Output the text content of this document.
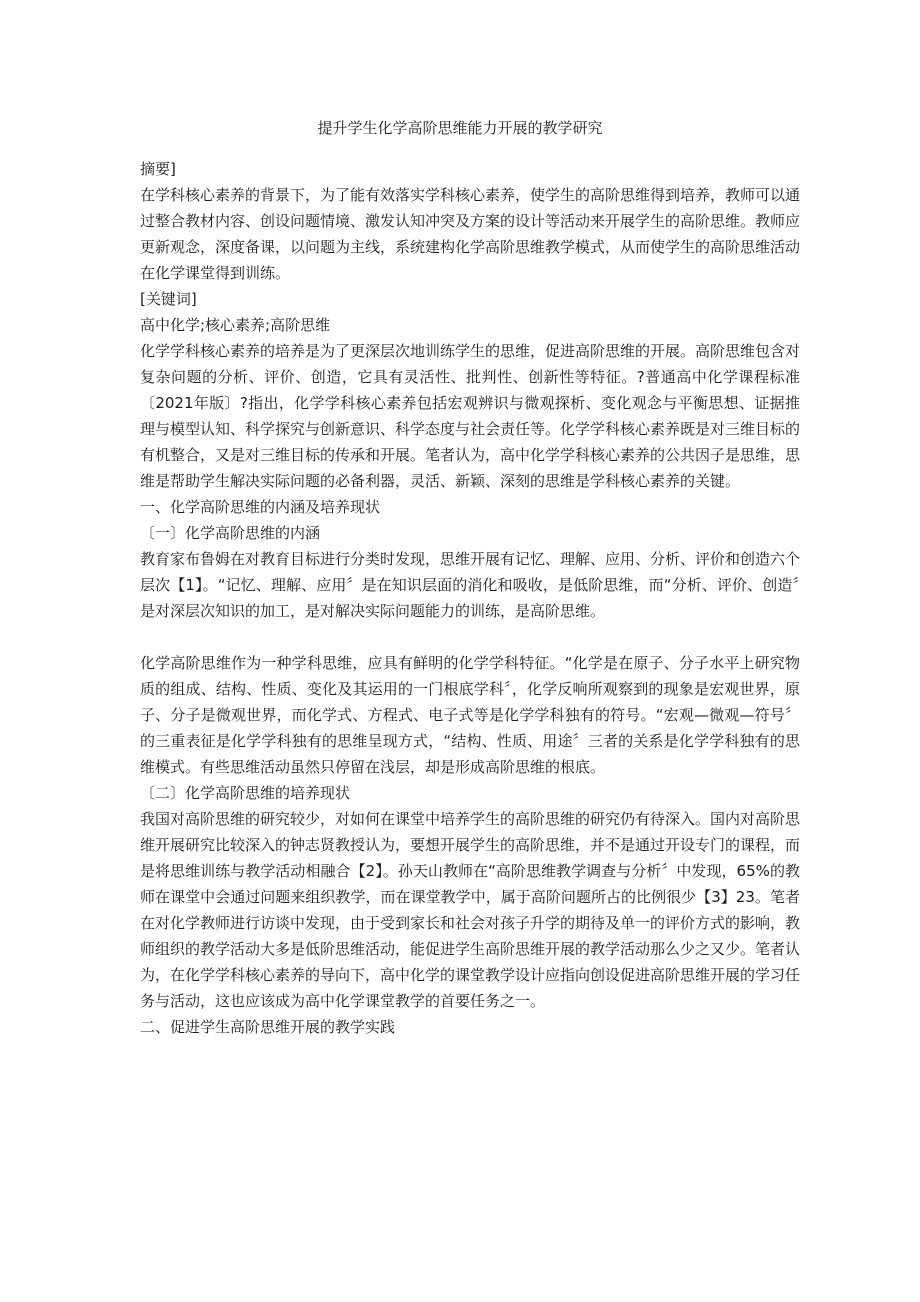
提升学生化学高阶思维能力开展的教学研究

摘要]

在学科核心素养的背景下，为了能有效落实学科核心素养，使学生的高阶思维得到培养，教师可以通过整合教材内容、创设问题情境、激发认知冲突及方案的设计等活动来开展学生的高阶思维。教师应更新观念，深度备课，以问题为主线，系统建构化学高阶思维教学模式，从而使学生的高阶思维活动在化学课堂得到训练。

[关键词]

高中化学;核心素养;高阶思维

化学学科核心素养的培养是为了更深层次地训练学生的思维，促进高阶思维的开展。高阶思维包含对复杂问题的分析、评价、创造，它具有灵活性、批判性、创新性等特征。?普通高中化学课程标准〔2021年版〕?指出，化学学科核心素养包括宏观辨识与微观探析、变化观念与平衡思想、证据推理与模型认知、科学探究与创新意识、科学态度与社会责任等。化学学科核心素养既是对三维目标的有机整合，又是对三维目标的传承和开展。笔者认为，高中化学学科核心素养的公共因子是思维，思维是帮助学生解决实际问题的必备利器，灵活、新颖、深刻的思维是学科核心素养的关键。

一、化学高阶思维的内涵及培养现状

〔一〕化学高阶思维的内涵

教育家布鲁姆在对教育目标进行分类时发现，思维开展有记忆、理解、应用、分析、评价和创造六个层次【1】。“记忆、理解、应用〞是在知识层面的消化和吸收，是低阶思维，而“分析、评价、创造〞是对深层次知识的加工，是对解决实际问题能力的训练，是高阶思维。

化学高阶思维作为一种学科思维，应具有鲜明的化学学科特征。“化学是在原子、分子水平上研究物质的组成、结构、性质、变化及其运用的一门根底学科〞，化学反响所观察到的现象是宏观世界，原子、分子是微观世界，而化学式、方程式、电子式等是化学学科独有的符号。“宏观—微观—符号〞的三重表征是化学学科独有的思维呈现方式，“结构、性质、用途〞三者的关系是化学学科独有的思维模式。有些思维活动虽然只停留在浅层，却是形成高阶思维的根底。

〔二〕化学高阶思维的培养现状

我国对高阶思维的研究较少，对如何在课堂中培养学生的高阶思维的研究仍有待深入。国内对高阶思维开展研究比较深入的钟志贤教授认为，要想开展学生的高阶思维，并不是通过开设专门的课程，而是将思维训练与教学活动相融合【2】。孙天山教师在“高阶思维教学调查与分析〞中发现，65%的教师在课堂中会通过问题来组织教学，而在课堂教学中，属于高阶问题所占的比例很少【3】23。笔者在对化学教师进行访谈中发现，由于受到家长和社会对孩子升学的期待及单一的评价方式的影响，教师组织的教学活动大多是低阶思维活动，能促进学生高阶思维开展的教学活动那么少之又少。笔者认为，在化学学科核心素养的导向下，高中化学的课堂教学设计应指向创设促进高阶思维开展的学习任务与活动，这也应该成为高中化学课堂教学的首要任务之一。

二、促进学生高阶思维开展的教学实践
